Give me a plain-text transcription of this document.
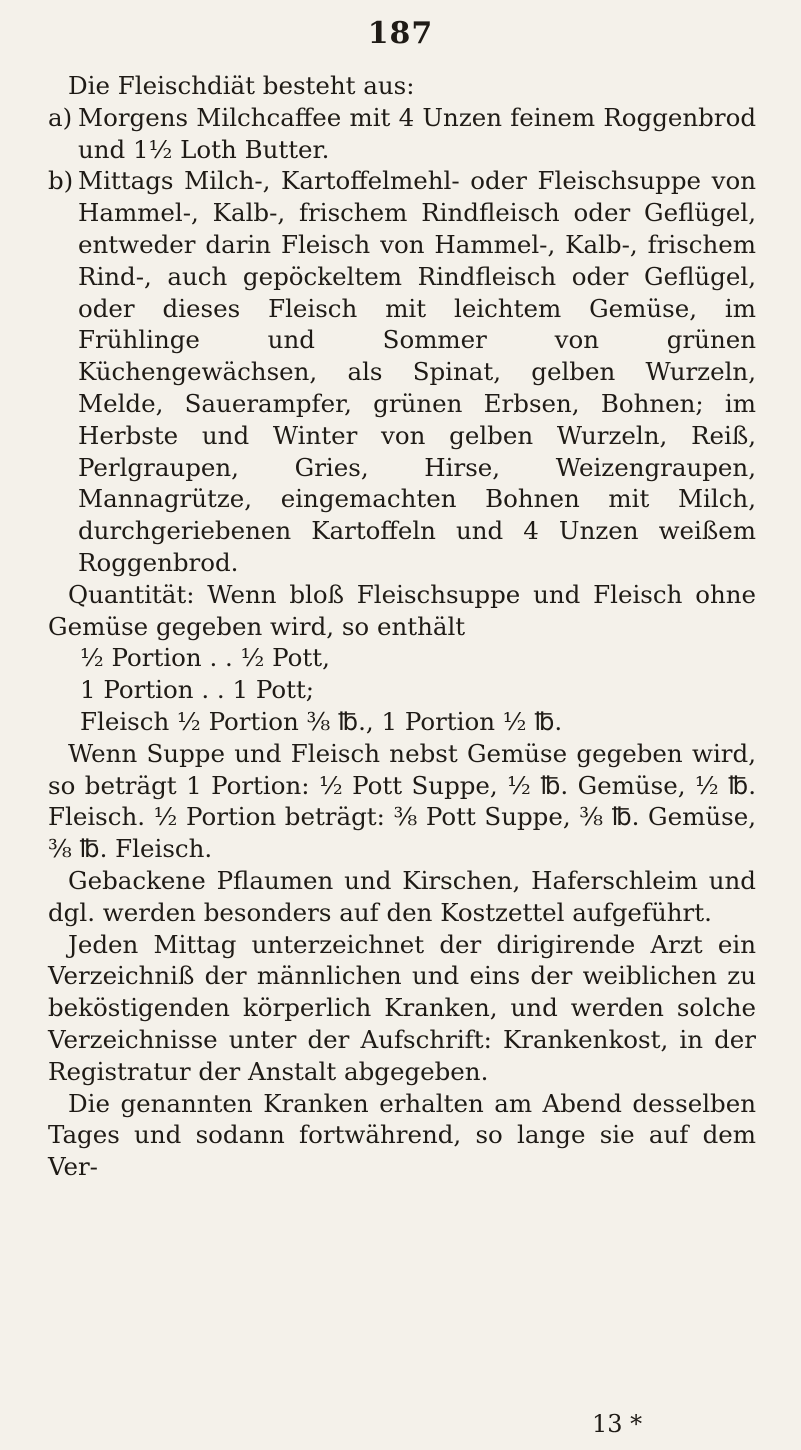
187

Die Fleischdiät besteht aus:

a) Morgens Milchcaffee mit 4 Unzen feinem Roggenbrod und 1½ Loth Butter.

b) Mittags Milch-, Kartoffelmehl- oder Fleischsuppe von Hammel-, Kalb-, frischem Rindfleisch oder Geflügel, entweder darin Fleisch von Hammel-, Kalb-, frischem Rind-, auch gepöckeltem Rindfleisch oder Geflügel, oder dieses Fleisch mit leichtem Gemüse, im Frühlinge und Sommer von grünen Küchengewächsen, als Spinat, gelben Wurzeln, Melde, Sauerampfer, grünen Erbsen, Bohnen; im Herbste und Winter von gelben Wurzeln, Reiß, Perlgraupen, Gries, Hirse, Weizengraupen, Mannagrütze, eingemachten Bohnen mit Milch, durchgeriebenen Kartoffeln und 4 Unzen weißem Roggenbrod.

Quantität: Wenn bloß Fleischsuppe und Fleisch ohne Gemüse gegeben wird, so enthält

½ Portion . . ½ Pott,

1 Portion . . 1 Pott;

Fleisch ½ Portion ⅜ ℔., 1 Portion ½ ℔.

Wenn Suppe und Fleisch nebst Gemüse gegeben wird, so beträgt 1 Portion: ½ Pott Suppe, ½ ℔. Gemüse, ½ ℔. Fleisch. ½ Portion beträgt: ⅜ Pott Suppe, ⅜ ℔. Gemüse, ⅜ ℔. Fleisch.

Gebackene Pflaumen und Kirschen, Haferschleim und dgl. werden besonders auf den Kostzettel aufgeführt.

Jeden Mittag unterzeichnet der dirigirende Arzt ein Verzeichniß der männlichen und eins der weiblichen zu beköstigenden körperlich Kranken, und werden solche Verzeichnisse unter der Aufschrift: Krankenkost, in der Registratur der Anstalt abgegeben.

Die genannten Kranken erhalten am Abend desselben Tages und sodann fortwährend, so lange sie auf dem Ver-

13 *
